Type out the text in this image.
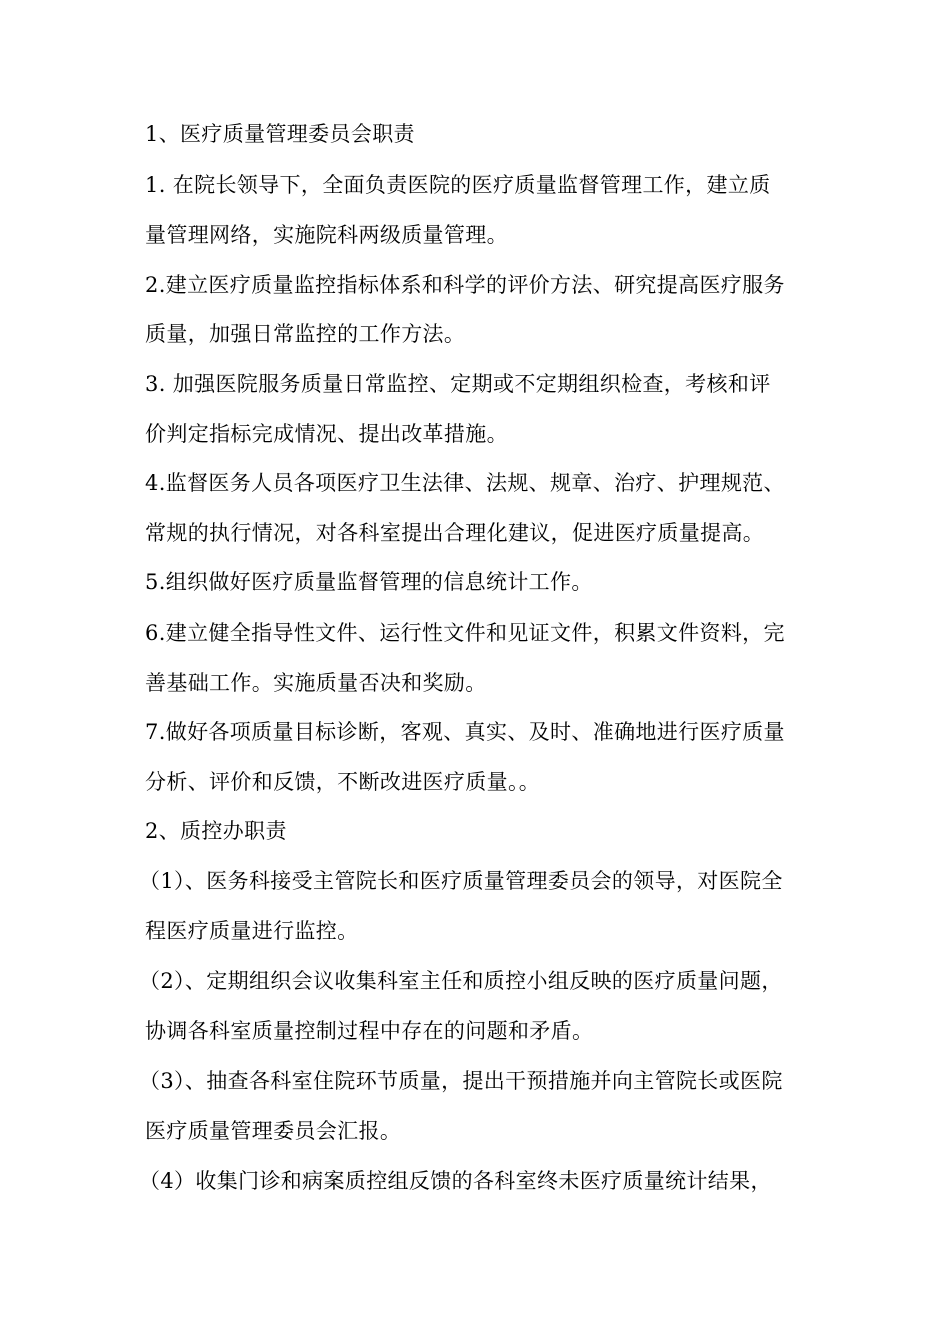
1、医疗质量管理委员会职责
1. 在院长领导下，全面负责医院的医疗质量监督管理工作，建立质
量管理网络，实施院科两级质量管理。
2.建立医疗质量监控指标体系和科学的评价方法、研究提高医疗服务
质量，加强日常监控的工作方法。
3. 加强医院服务质量日常监控、定期或不定期组织检查，考核和评
价判定指标完成情况、提出改革措施。
4.监督医务人员各项医疗卫生法律、法规、规章、治疗、护理规范、
常规的执行情况，对各科室提出合理化建议，促进医疗质量提高。
5.组织做好医疗质量监督管理的信息统计工作。
6.建立健全指导性文件、运行性文件和见证文件，积累文件资料，完
善基础工作。实施质量否决和奖励。
7.做好各项质量目标诊断，客观、真实、及时、准确地进行医疗质量
分析、评价和反馈，不断改进医疗质量。。
2、质控办职责
（1）、医务科接受主管院长和医疗质量管理委员会的领导，对医院全
程医疗质量进行监控。
（2）、定期组织会议收集科室主任和质控小组反映的医疗质量问题，
协调各科室质量控制过程中存在的问题和矛盾。
（3）、抽查各科室住院环节质量，提出干预措施并向主管院长或医院
医疗质量管理委员会汇报。
（4）收集门诊和病案质控组反馈的各科室终未医疗质量统计结果，
